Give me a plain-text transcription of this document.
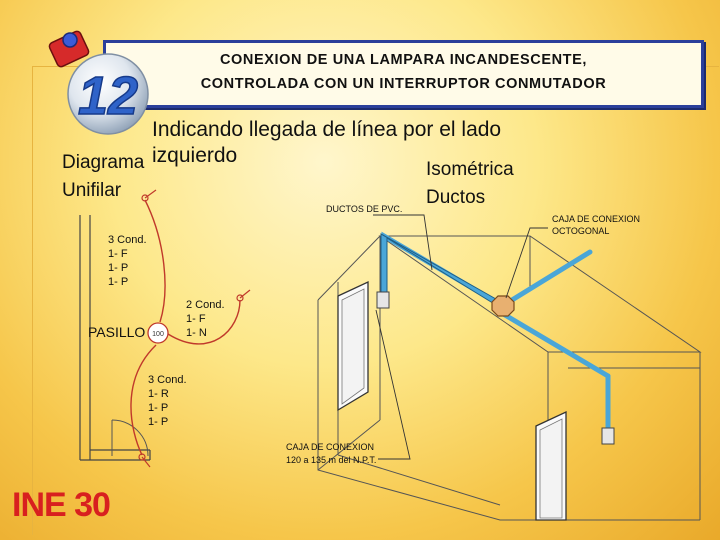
CONEXION DE UNA LAMPARA INCANDESCENTE,
CONTROLADA CON UN INTERRUPTOR CONMUTADOR
12
Indicando llegada de línea por el lado
izquierdo
Diagrama
Unifilar
Isométrica
Ductos
100
PASILLO
3 Cond.
1- F
1- P
1- P
2 Cond.
1- F
1- N
3 Cond.
1- R
1- P
1- P
DUCTOS DE PVC.
CAJA DE CONEXION
OCTOGONAL
CAJA DE CONEXION
120 a 135 m del N.P.T.
INE 30
